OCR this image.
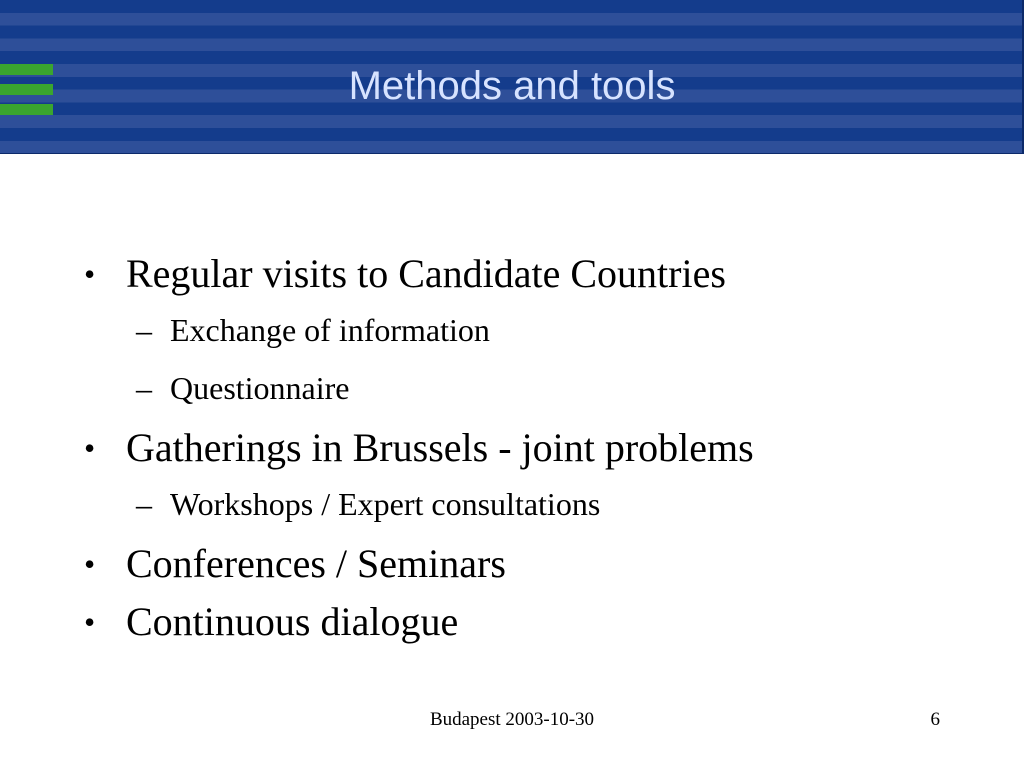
Methods and tools
• Regular visits to Candidate Countries
– Exchange of information
– Questionnaire
• Gatherings in Brussels - joint problems
– Workshops / Expert consultations
• Conferences / Seminars
• Continuous dialogue
Budapest 2003-10-30	6
